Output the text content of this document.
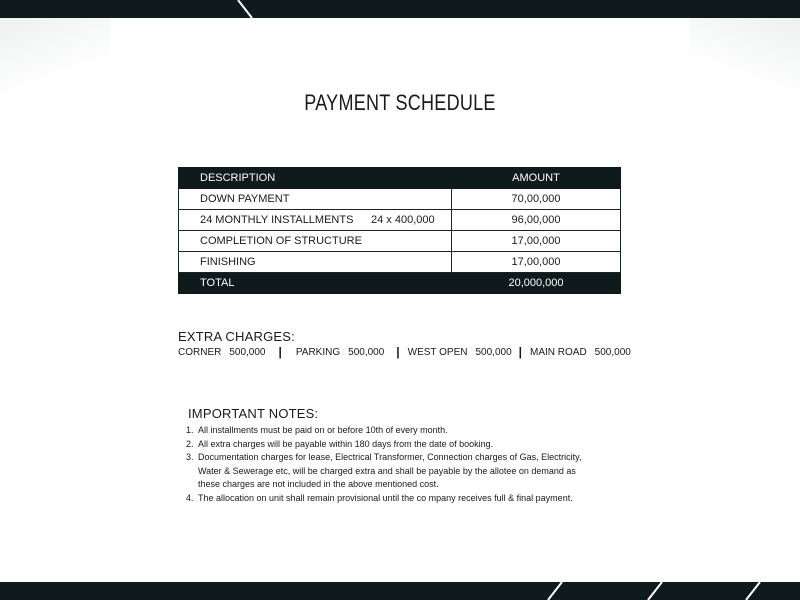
PAYMENT SCHEDULE
DESCRIPTION		AMOUNT
DOWN PAYMENT		70,00,000
24 MONTHLY INSTALLMENTS	24 x 400,000	96,00,000
COMPLETION OF STRUCTURE		17,00,000
FINISHING		17,00,000
TOTAL		20,000,000
EXTRA CHARGES:
CORNER 500,000 | PARKING 500,000 | WEST OPEN 500,000 | MAIN ROAD 500,000
IMPORTANT NOTES:
1. All installments must be paid on or before 10th of every month.
2. All extra charges will be payable within 180 days from the date of booking.
3. Documentation charges for lease, Electrical Transformer, Connection charges of Gas, Electricity, Water & Sewerage etc, will be charged extra and shall be payable by the allotee on demand as these charges are not included in the above mentioned cost.
4. The allocation on unit shall remain provisional until the co mpany receives full & final payment.
